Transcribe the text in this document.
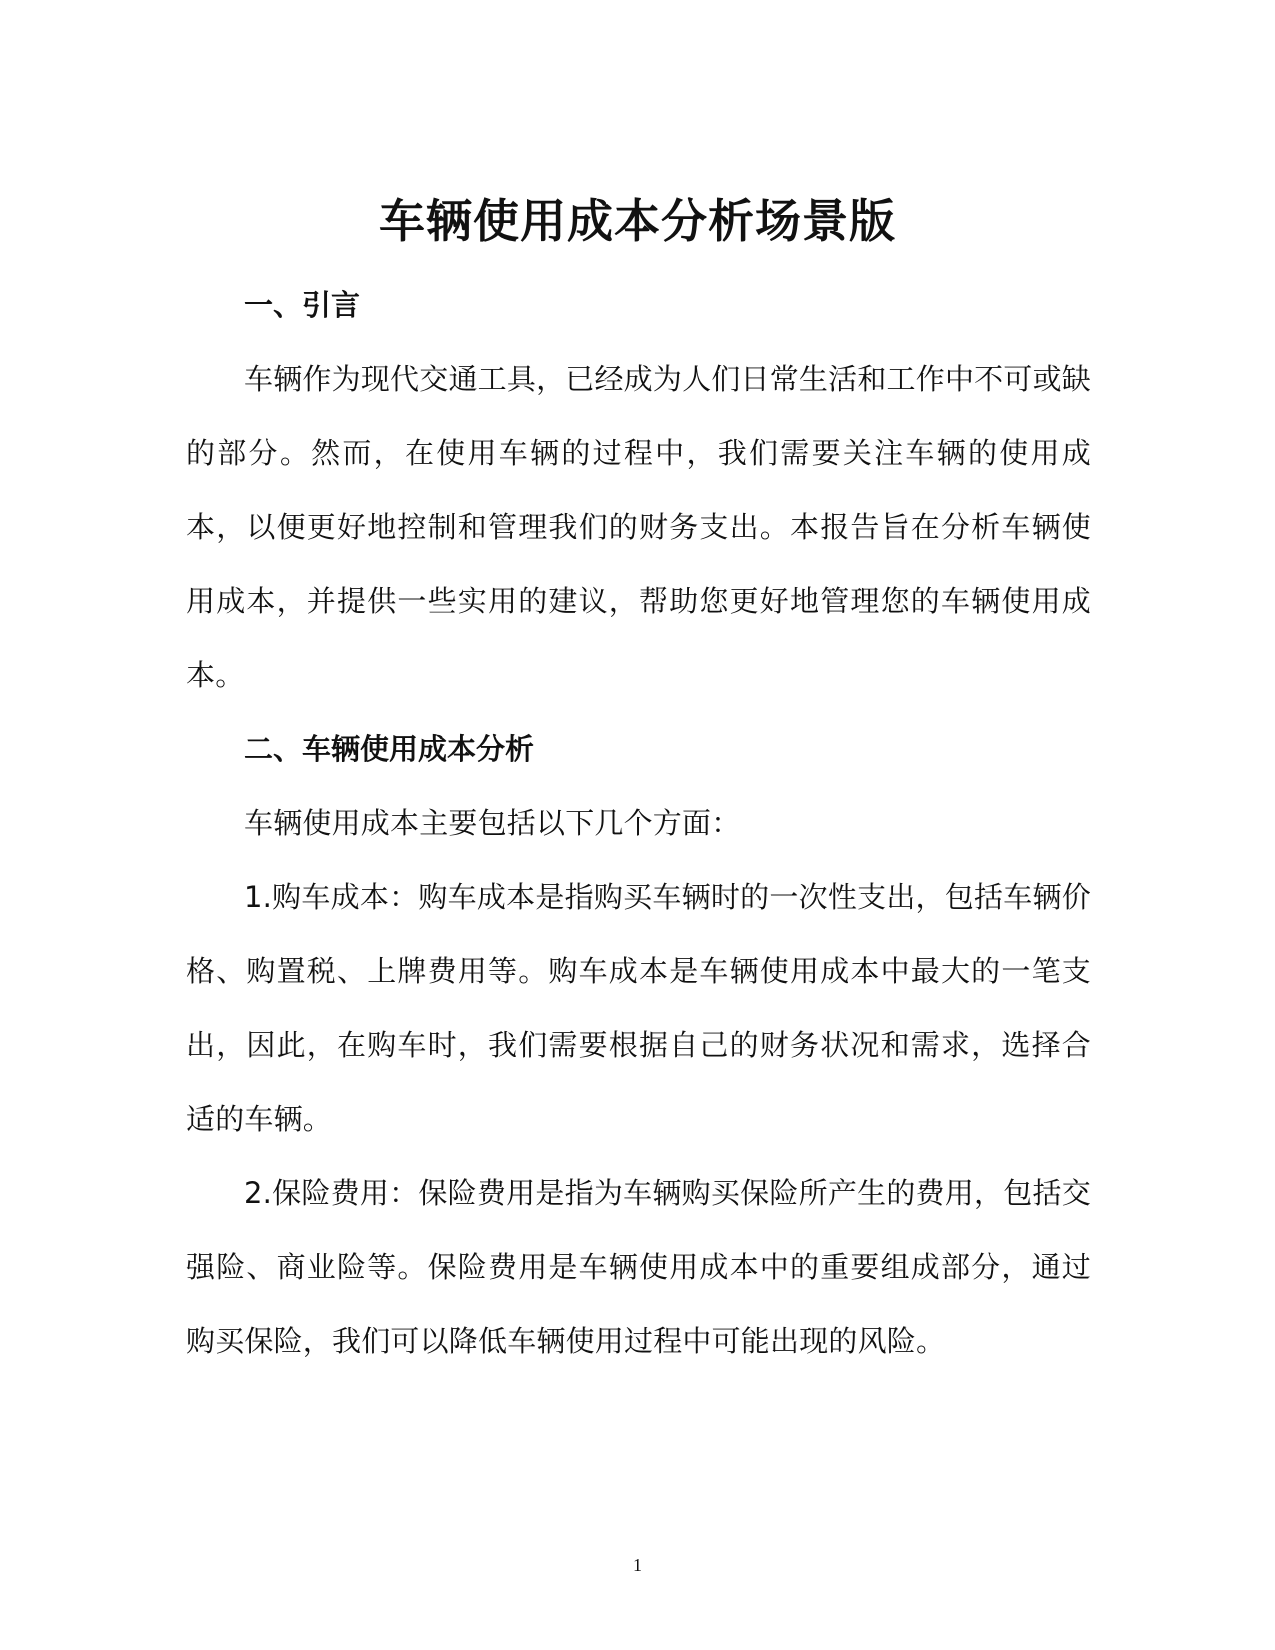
车辆使用成本分析场景版
一、引言

车辆作为现代交通工具，已经成为人们日常生活和工作中不可或缺的部分。然而，在使用车辆的过程中，我们需要关注车辆的使用成本，以便更好地控制和管理我们的财务支出。本报告旨在分析车辆使用成本，并提供一些实用的建议，帮助您更好地管理您的车辆使用成本。

二、车辆使用成本分析

车辆使用成本主要包括以下几个方面：

1.购车成本：购车成本是指购买车辆时的一次性支出，包括车辆价格、购置税、上牌费用等。购车成本是车辆使用成本中最大的一笔支出，因此，在购车时，我们需要根据自己的财务状况和需求，选择合适的车辆。

2.保险费用：保险费用是指为车辆购买保险所产生的费用，包括交强险、商业险等。保险费用是车辆使用成本中的重要组成部分，通过购买保险，我们可以降低车辆使用过程中可能出现的风险。

1
